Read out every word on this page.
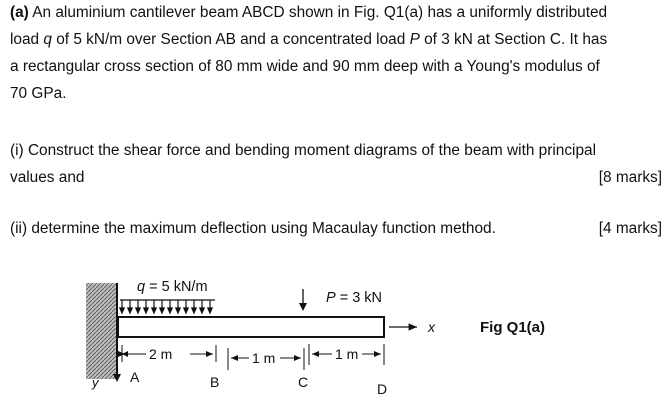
(a) An aluminium cantilever beam ABCD shown in Fig. Q1(a) has a uniformly distributed
load q of 5 kN/m over Section AB and a concentrated load P of 3 kN at Section C. It has
a rectangular cross section of 80 mm wide and 90 mm deep with a Young's modulus of
70 GPa.
(i) Construct the shear force and bending moment diagrams of the beam with principal
values and	[8 marks]
(ii) determine the maximum deflection using Macaulay function method.	[4 marks]
q = 5 kN/m
P = 3 kN
x
y
2 m	1 m	1 m
A	B	C	D
Fig Q1(a)
